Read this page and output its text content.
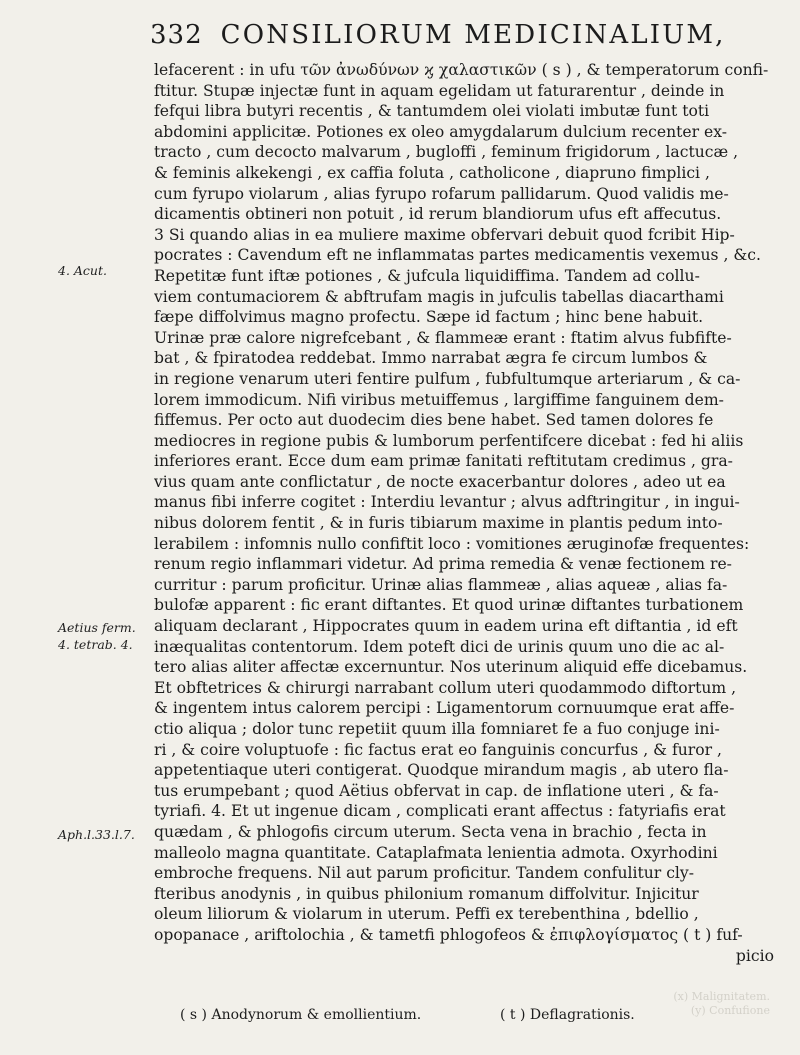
(x) Malignitatem.
(y) Confufione
332 CONSILIORUM MEDICINALIUM,
4. Acut.
Aetius ferm. 4. tetrab. 4.
Aph.l.33.l.7.
lefacerent : in ufu τῶν ἀνωδύνων ϗ χαλαστικῶν ( s ) , & temperatorum confi-
ftitur. Stupæ injectæ funt in aquam egelidam ut faturarentur , deinde in
fefqui libra butyri recentis , & tantumdem olei violati imbutæ funt toti
abdomini applicitæ. Potiones ex oleo amygdalarum dulcium recenter ex-
tracto , cum decocto malvarum , bugloffi , feminum frigidorum , lactucæ ,
& feminis alkekengi , ex caffia foluta , catholicone , diapruno fimplici ,
cum fyrupo violarum , alias fyrupo rofarum pallidarum. Quod validis me-
dicamentis obtineri non potuit , id rerum blandiorum ufus eft affecutus.
3 Si quando alias in ea muliere maxime obfervari debuit quod fcribit Hip-
pocrates : Cavendum eft ne inflammatas partes medicamentis vexemus , &c.
Repetitæ funt iftæ potiones , & jufcula liquidiffima. Tandem ad collu-
viem contumaciorem & abftrufam magis in jufculis tabellas diacarthami
fæpe diffolvimus magno profectu. Sæpe id factum ; hinc bene habuit.
Urinæ præ calore nigrefcebant , & flammeæ erant : ftatim alvus fubfifte-
bat , & fpiratodea reddebat. Immo narrabat ægra fe circum lumbos &
in regione venarum uteri fentire pulfum , fubfultumque arteriarum , & ca-
lorem immodicum. Nifi viribus metuiffemus , largiffime fanguinem dem-
fiffemus. Per octo aut duodecim dies bene habet. Sed tamen dolores fe
mediocres in regione pubis & lumborum perfentifcere dicebat : fed hi aliis
inferiores erant. Ecce dum eam primæ fanitati reftitutam credimus , gra-
vius quam ante conflictatur , de nocte exacerbantur dolores , adeo ut ea
manus fibi inferre cogitet : Interdiu levantur ; alvus adftringitur , in ingui-
nibus dolorem fentit , & in furis tibiarum maxime in plantis pedum into-
lerabilem : infomnis nullo confiftit loco : vomitiones æruginofæ frequentes:
renum regio inflammari videtur. Ad prima remedia & venæ fectionem re-
curritur : parum proficitur. Urinæ alias flammeæ , alias aqueæ , alias fa-
bulofæ apparent : fic erant diftantes. Et quod urinæ diftantes turbationem
aliquam declarant , Hippocrates quum in eadem urina eft diftantia , id eft
inæqualitas contentorum. Idem poteft dici de urinis quum uno die ac al-
tero alias aliter affectæ excernuntur. Nos uterinum aliquid effe dicebamus.
Et obftetrices & chirurgi narrabant collum uteri quodammodo diftortum ,
& ingentem intus calorem percipi : Ligamentorum cornuumque erat affe-
ctio aliqua ; dolor tunc repetiit quum illa fomniaret fe a fuo conjuge ini-
ri , & coire voluptuofe : fic factus erat eo fanguinis concurfus , & furor ,
appetentiaque uteri contigerat. Quodque mirandum magis , ab utero fla-
tus erumpebant ; quod Aëtius obfervat in cap. de inflatione uteri , & fa-
tyriafi. 4. Et ut ingenue dicam , complicati erant affectus : fatyriafis erat
quædam , & phlogofis circum uterum. Secta vena in brachio , fecta in
malleolo magna quantitate. Cataplafmata lenientia admota. Oxyrhodini
embroche frequens. Nil aut parum proficitur. Tandem confulitur cly-
fteribus anodynis , in quibus philonium romanum diffolvitur. Injicitur
oleum liliorum & violarum in uterum. Peffi ex terebenthina , bdellio ,
opopanace , ariftolochia , & tametfi phlogofeos & ἐπιφλογίσματος ( t ) fuf-
picio
( s ) Anodynorum & emollientium.	( t ) Deflagrationis.
